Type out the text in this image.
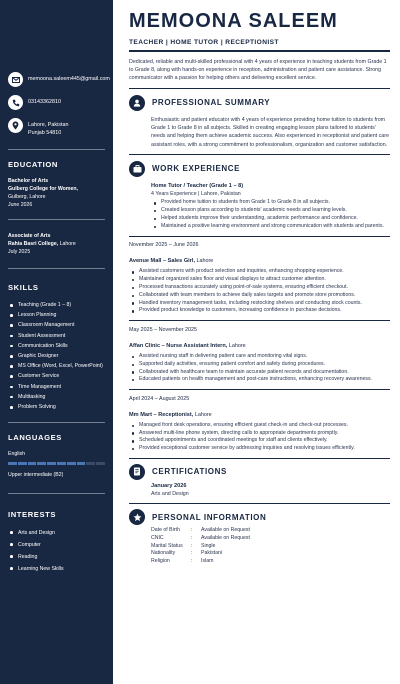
memoona.saleem445@gmail.com
03143362810
Lahore, Pakistan
Punjab 54810
EDUCATION
Bachelor of Arts
Gulberg College for Women,
Gulberg, Lahore
June 2026
Associate of Arts
Rahia Basri College, Lahore
July 2025
SKILLS
Teaching (Grade 1 – 8)
Lesson Planning
Classroom Management
Student Assessment
Communication Skills
Graphic Designer
MS Office (Word, Excel, PowerPoint)
Customer Service
Time Management
Multitasking
Problem Solving
LANGUAGES
English
Upper intermediate (B2)
INTERESTS
Arts and Design
Computer
Reading
Learning New Skills
MEMOONA SALEEM
TEACHER | HOME TUTOR | RECEPTIONIST
Dedicated, reliable and multi-skilled professional with 4 years of experience in teaching students from Grade 1 to Grade 8, along with hands-on experience in reception, administration and patient care assistance. Strong communicator with a passion for helping others and delivering excellent service.
PROFESSIONAL SUMMARY
Enthusiastic and patient educator with 4 years of experience providing home tuition to students from Grade 1 to Grade 8 in all subjects. Skilled in creating engaging lesson plans tailored to students' needs and helping them achieve academic success. Also experienced in receptionist and patient care assistant roles, with a strong commitment to professionalism, organization and customer satisfaction.
WORK EXPERIENCE
Home Tutor / Teacher (Grade 1 – 8)
4 Years Experience | Lahore, Pakistan
Provided home tuition to students from Grade 1 to Grade 8 in all subjects.
Created lesson plans according to students' academic needs and learning levels.
Helped students improve their understanding, academic performance and confidence.
Maintained a positive learning environment and strong communication with students and parents.
November 2025 – June 2026
Avenue Mall – Sales Girl, Lahore
Assisted customers with product selection and inquiries, enhancing shopping experience.
Maintained organized sales floor and visual displays to attract customer attention.
Processed transactions accurately using point-of-sale systems, ensuring efficient checkout.
Collaborated with team members to achieve daily sales targets and promote store promotions.
Handled inventory management tasks, including restocking shelves and conducting stock counts.
Provided product knowledge to customers, increasing confidence in purchase decisions.
May 2025 – November 2025
Affan Clinic – Nurse Assistant Intern, Lahore
Assisted nursing staff in delivering patient care and monitoring vital signs.
Supported daily activities, ensuring patient comfort and safety during procedures.
Collaborated with healthcare team to maintain accurate patient records and documentation.
Educated patients on health management and post-care instructions, enhancing recovery awareness.
April 2024 – August 2025
Mm Mart – Receptionist, Lahore
Managed front desk operations, ensuring efficient guest check-in and check-out processes.
Answered multi-line phone system, directing calls to appropriate departments promptly.
Scheduled appointments and coordinated meetings for staff and clients effectively.
Provided exceptional customer service by addressing inquiries and resolving issues efficiently.
CERTIFICATIONS
January 2026
Arts and Design
PERSONAL INFORMATION
Date of Birth	:	Available on Request
CNIC	:	Available on Request
Marital Status	:	Single
Nationality	:	Pakistani
Religion	:	Islam
